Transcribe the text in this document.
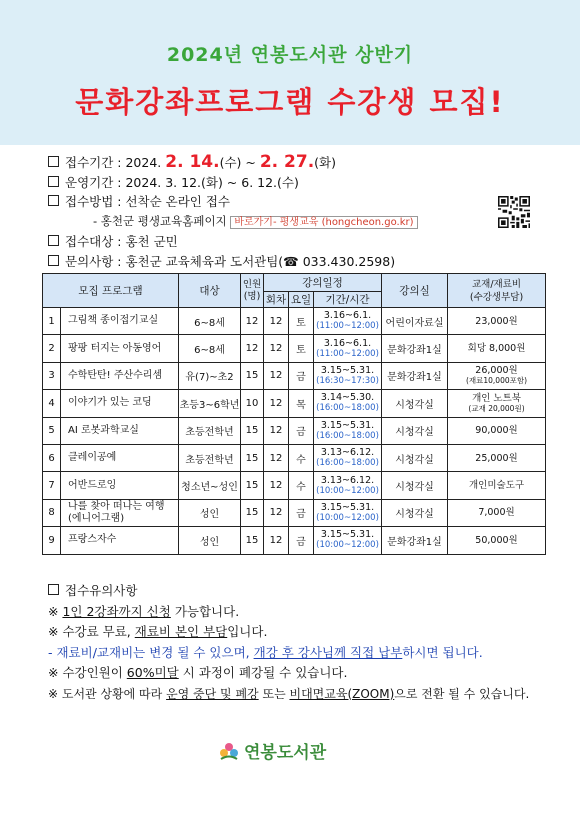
2024년 연봉도서관 상반기
문화강좌프로그램 수강생 모집!
접수기간 : 2024. 2. 14.(수) ~ 2. 27.(화)
운영기간 : 2024. 3. 12.(화) ~ 6. 12.(수)
접수방법 : 선착순 온라인 접수
- 홍천군 평생교육홈페이지 바로가기- 평생교육 (hongcheon.go.kr)
접수대상 : 홍천 군민
문의사항 : 홍천군 교육체육과 도서관팀(☎ 033.430.2598)
모집 프로그램		대상	인원
(명)	강의일정			강의실	교재/재료비
(수강생부담)
				회차	요일	기간/시간		
1	그림책 종이접기교실	6~8세	12	12	토	3.16~6.1.
(11:00~12:00)	어린이자료실	23,000원

2	팡팡 터지는 아동영어	6~8세	12	12	토	3.16~6.1.
(11:00~12:00)	문화강좌1실	회당 8,000원

3	수학탄탄! 주산수리셈	유(7)~초2	15	12	금	3.15~5.31.
(16:30~17:30)	문화강좌1실	26,000원
(재료10,000포함)

4	이야기가 있는 코딩	초등3~6학년	10	12	목	3.14~5.30.
(16:00~18:00)	시청각실	개인 노트북
(교재 20,000원)

5	AI 로봇과학교실	초등전학년	15	12	금	3.15~5.31.
(16:00~18:00)	시청각실	90,000원

6	클레이공예	초등전학년	15	12	수	3.13~6.12.
(16:00~18:00)	시청각실	25,000원

7	어반드로잉	청소년~성인	15	12	수	3.13~6.12.
(10:00~12:00)	시청각실	개인미술도구

8	나를 찾아 떠나는 여행
(에니어그램)	성인	15	12	금	3.15~5.31.
(10:00~12:00)	시청각실	7,000원

9	프랑스자수	성인	15	12	금	3.15~5.31.
(10:00~12:00)	문화강좌1실	50,000원
접수유의사항
※ 1인 2강좌까지 신청 가능합니다.
※ 수강료 무료, 재료비 본인 부담입니다.
- 재료비/교재비는 변경 될 수 있으며, 개강 후 강사님께 직접 납부하시면 됩니다.
※ 수강인원이 60%미달 시 과정이 폐강될 수 있습니다.
※ 도서관 상황에 따라 운영 중단 및 폐강 또는 비대면교육(ZOOM)으로 전환 될 수 있습니다.
연봉도서관
